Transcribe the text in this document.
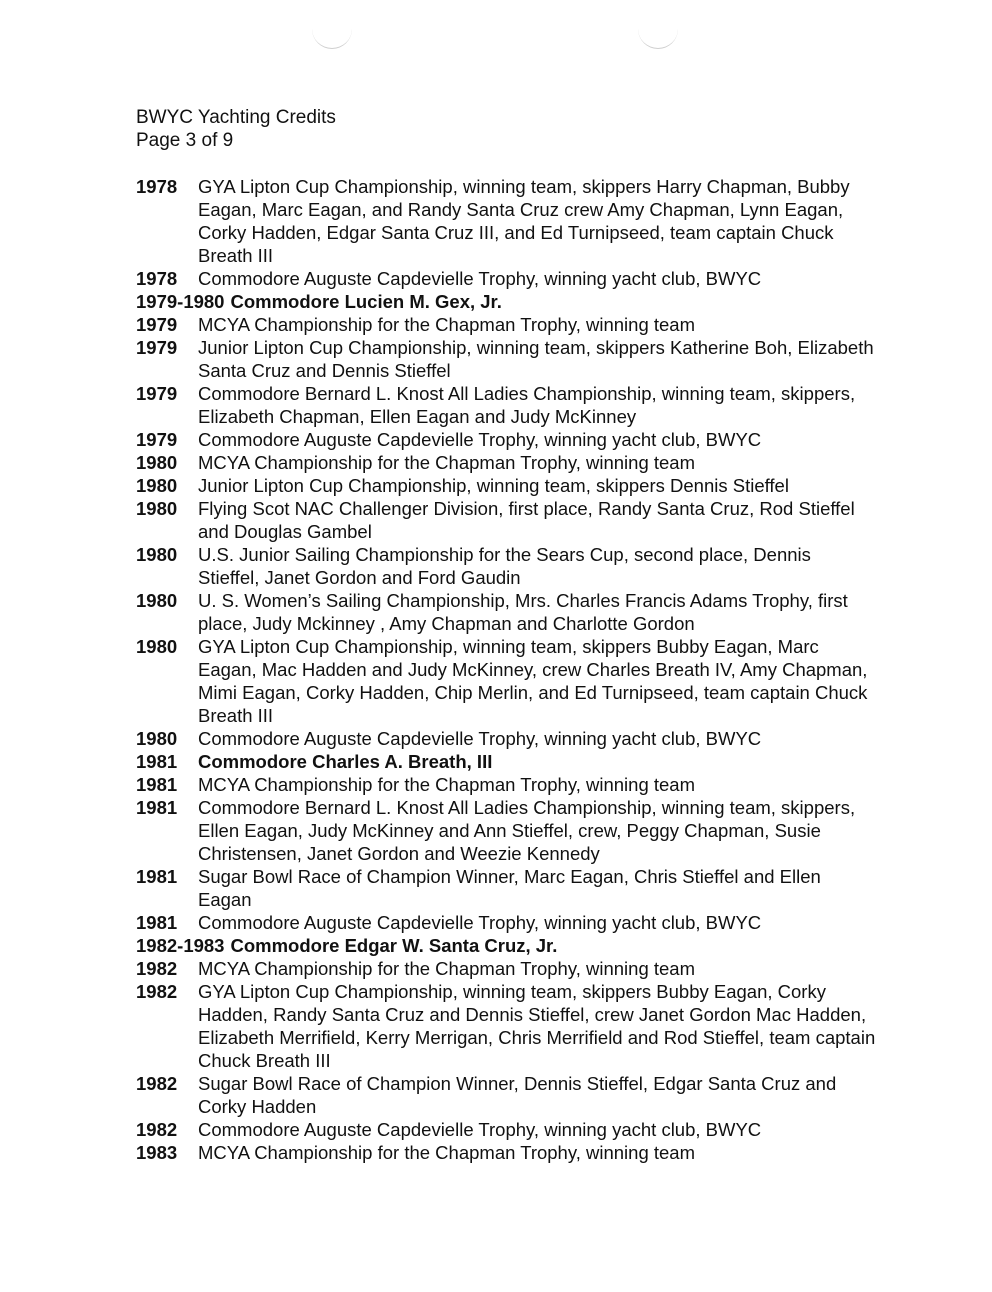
BWYC Yachting Credits
Page 3 of 9
1978	GYA Lipton Cup Championship, winning team, skippers Harry Chapman, Bubby Eagan, Marc Eagan, and Randy Santa Cruz crew Amy Chapman, Lynn Eagan, Corky Hadden, Edgar Santa Cruz III, and Ed Turnipseed, team captain Chuck Breath III
1978	Commodore Auguste Capdevielle Trophy, winning yacht club, BWYC
1979-1980 Commodore Lucien M. Gex, Jr.
1979	MCYA Championship for the Chapman Trophy, winning team
1979	Junior Lipton Cup Championship, winning team, skippers Katherine Boh, Elizabeth Santa Cruz and Dennis Stieffel
1979	Commodore Bernard L. Knost All Ladies Championship, winning team, skippers, Elizabeth Chapman, Ellen Eagan and Judy McKinney
1979	Commodore Auguste Capdevielle Trophy, winning yacht club, BWYC
1980	MCYA Championship for the Chapman Trophy, winning team
1980	Junior Lipton Cup Championship, winning team, skippers Dennis Stieffel
1980	Flying Scot NAC Challenger Division, first place, Randy Santa Cruz, Rod Stieffel and Douglas Gambel
1980	U.S. Junior Sailing Championship for the Sears Cup, second place, Dennis Stieffel, Janet Gordon and Ford Gaudin
1980	U. S. Women’s Sailing Championship, Mrs. Charles Francis Adams Trophy, first place, Judy Mckinney , Amy Chapman and Charlotte Gordon
1980	GYA Lipton Cup Championship, winning team, skippers Bubby Eagan, Marc Eagan, Mac Hadden and Judy McKinney, crew Charles Breath IV, Amy Chapman, Mimi Eagan, Corky Hadden, Chip Merlin, and Ed Turnipseed, team captain Chuck Breath III
1980	Commodore Auguste Capdevielle Trophy, winning yacht club, BWYC
1981	Commodore Charles A. Breath, III
1981	MCYA Championship for the Chapman Trophy, winning team
1981	Commodore Bernard L. Knost All Ladies Championship, winning team, skippers, Ellen Eagan, Judy McKinney and Ann Stieffel, crew, Peggy Chapman, Susie Christensen, Janet Gordon and Weezie Kennedy
1981	Sugar Bowl Race of Champion Winner, Marc Eagan, Chris Stieffel and Ellen Eagan
1981	Commodore Auguste Capdevielle Trophy, winning yacht club, BWYC
1982-1983 Commodore Edgar W. Santa Cruz, Jr.
1982	MCYA Championship for the Chapman Trophy, winning team
1982	GYA Lipton Cup Championship, winning team, skippers Bubby Eagan, Corky Hadden, Randy Santa Cruz and Dennis Stieffel, crew Janet Gordon Mac Hadden, Elizabeth Merrifield, Kerry Merrigan, Chris Merrifield and Rod Stieffel, team captain Chuck Breath III
1982	Sugar Bowl Race of Champion Winner, Dennis Stieffel, Edgar Santa Cruz and Corky Hadden
1982	Commodore Auguste Capdevielle Trophy, winning yacht club, BWYC
1983	MCYA Championship for the Chapman Trophy, winning team
